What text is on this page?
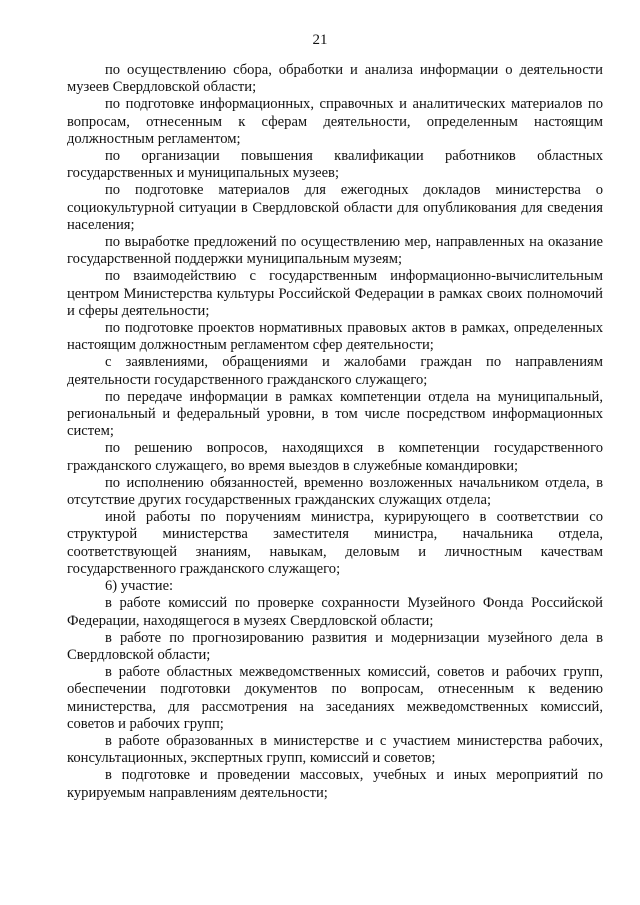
21

по осуществлению сбора, обработки и анализа информации о деятельности музеев Свердловской области;

по подготовке информационных, справочных и аналитических материалов по вопросам, отнесенным к сферам деятельности, определенным настоящим должностным регламентом;

по организации повышения квалификации работников областных государственных и муниципальных музеев;

по подготовке материалов для ежегодных докладов министерства о социокультурной ситуации в Свердловской области для опубликования для сведения населения;

по выработке предложений по осуществлению мер, направленных на оказание государственной поддержки муниципальным музеям;

по взаимодействию с государственным информационно-вычислительным центром Министерства культуры Российской Федерации в рамках своих полномочий и сферы деятельности;

по подготовке проектов нормативных правовых актов в рамках, определенных настоящим должностным регламентом сфер деятельности;

с заявлениями, обращениями и жалобами граждан по направлениям деятельности государственного гражданского служащего;

по передаче информации в рамках компетенции отдела на муниципальный, региональный и федеральный уровни, в том числе посредством информационных систем;

по решению вопросов, находящихся в компетенции государственного гражданского служащего, во время выездов в служебные командировки;

по исполнению обязанностей, временно возложенных начальником отдела, в отсутствие других государственных гражданских служащих отдела;

иной работы по поручениям министра, курирующего в соответствии со структурой министерства заместителя министра, начальника отдела, соответствующей знаниям, навыкам, деловым и личностным качествам государственного гражданского служащего;

6) участие:

в работе комиссий по проверке сохранности Музейного Фонда Российской Федерации, находящегося в музеях Свердловской области;

в работе по прогнозированию развития и модернизации музейного дела в Свердловской области;

в работе областных межведомственных комиссий, советов и рабочих групп, обеспечении подготовки документов по вопросам, отнесенным к ведению министерства, для рассмотрения на заседаниях межведомственных комиссий, советов и рабочих групп;

в работе образованных в министерстве и с участием министерства рабочих, консультационных, экспертных групп, комиссий и советов;

в подготовке и проведении массовых, учебных и иных мероприятий по курируемым направлениям деятельности;
